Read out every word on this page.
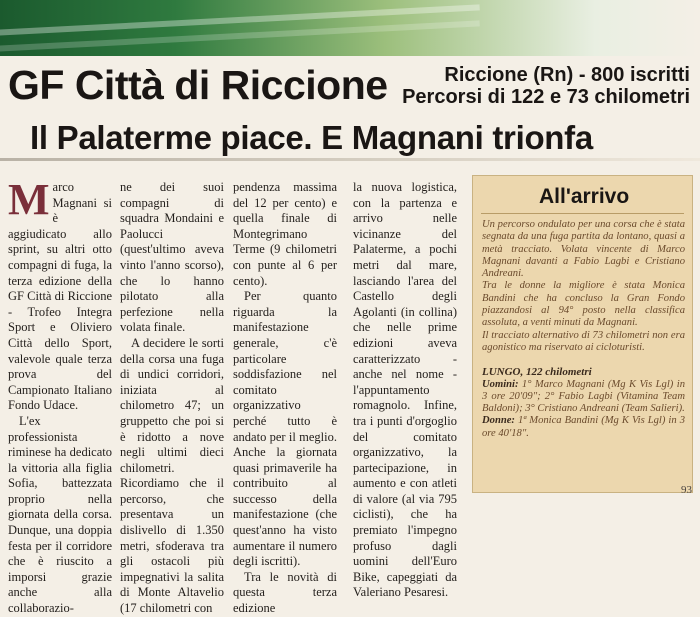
GF Città di Riccione	Riccione (Rn) - 800 iscritti
Percorsi di 122 e 73 chilometri
Il Palaterme piace. E Magnani trionfa

Marco Magnani si è aggiudicato allo sprint, su altri otto compagni di fuga, la terza edizione della GF Città di Riccione - Trofeo Integra Sport e Oliviero Città dello Sport, valevole quale terza prova del Campionato Italiano Fondo Udace.

L'ex professionista riminese ha dedicato la vittoria alla figlia Sofia, battezzata proprio nella giornata della corsa. Dunque, una doppia festa per il corridore che è riuscito a imporsi grazie anche alla collaborazio-

ne dei suoi compagni di squadra Mondaini e Paolucci (quest'ultimo aveva vinto l'anno scorso), che lo hanno pilotato alla perfezione nella volata finale.

A decidere le sorti della corsa una fuga di undici corridori, iniziata al chilometro 47; un gruppetto che poi si è ridotto a nove negli ultimi dieci chilometri. Ricordiamo che il percorso, che presentava un dislivello di 1.350 metri, sfoderava tra gli ostacoli più impegnativi la salita di Monte Altavelio (17 chilometri con

pendenza massima del 12 per cento) e quella finale di Montegrimano Terme (9 chilometri con punte al 6 per cento).

Per quanto riguarda la manifestazione generale, c'è particolare soddisfazione nel comitato organizzativo perché tutto è andato per il meglio. Anche la giornata quasi primaverile ha contribuito al successo della manifestazione (che quest'anno ha visto aumentare il numero degli iscritti).

Tra le novità di questa terza edizione

la nuova logistica, con la partenza e arrivo nelle vicinanze del Palaterme, a pochi metri dal mare, lasciando l'area del Castello degli Agolanti (in collina) che nelle prime edizioni aveva caratterizzato - anche nel nome - l'appuntamento romagnolo. Infine, tra i punti d'orgoglio del comitato organizzativo, la partecipazione, in aumento e con atleti di valore (al via 795 ciclisti), che ha premiato l'impegno profuso dagli uomini dell'Euro Bike, capeggiati da Valeriano Pesaresi.

All'arrivo

Un percorso ondulato per una corsa che è stata segnata da una fuga partita da lontano, quasi a metà tracciato. Volata vincente di Marco Magnani davanti a Fabio Lagbi e Cristiano Andreani.

Tra le donne la migliore è stata Monica Bandini che ha concluso la Gran Fondo piazzandosi al 94° posto nella classifica assoluta, a venti minuti da Magnani.

Il tracciato alternativo di 73 chilometri non era agonistico ma riservato ai cicloturisti.

LUNGO, 122 chilometri
Uomini: 1° Marco Magnani (Mg K Vis Lgl) in 3 ore 20'09"; 2° Fabio Lagbi (Vitamina Team Baldoni); 3° Cristiano Andreani (Team Salieri).
Donne: 1ª Monica Bandini (Mg K Vis Lgl) in 3 ore 40'18".
93
